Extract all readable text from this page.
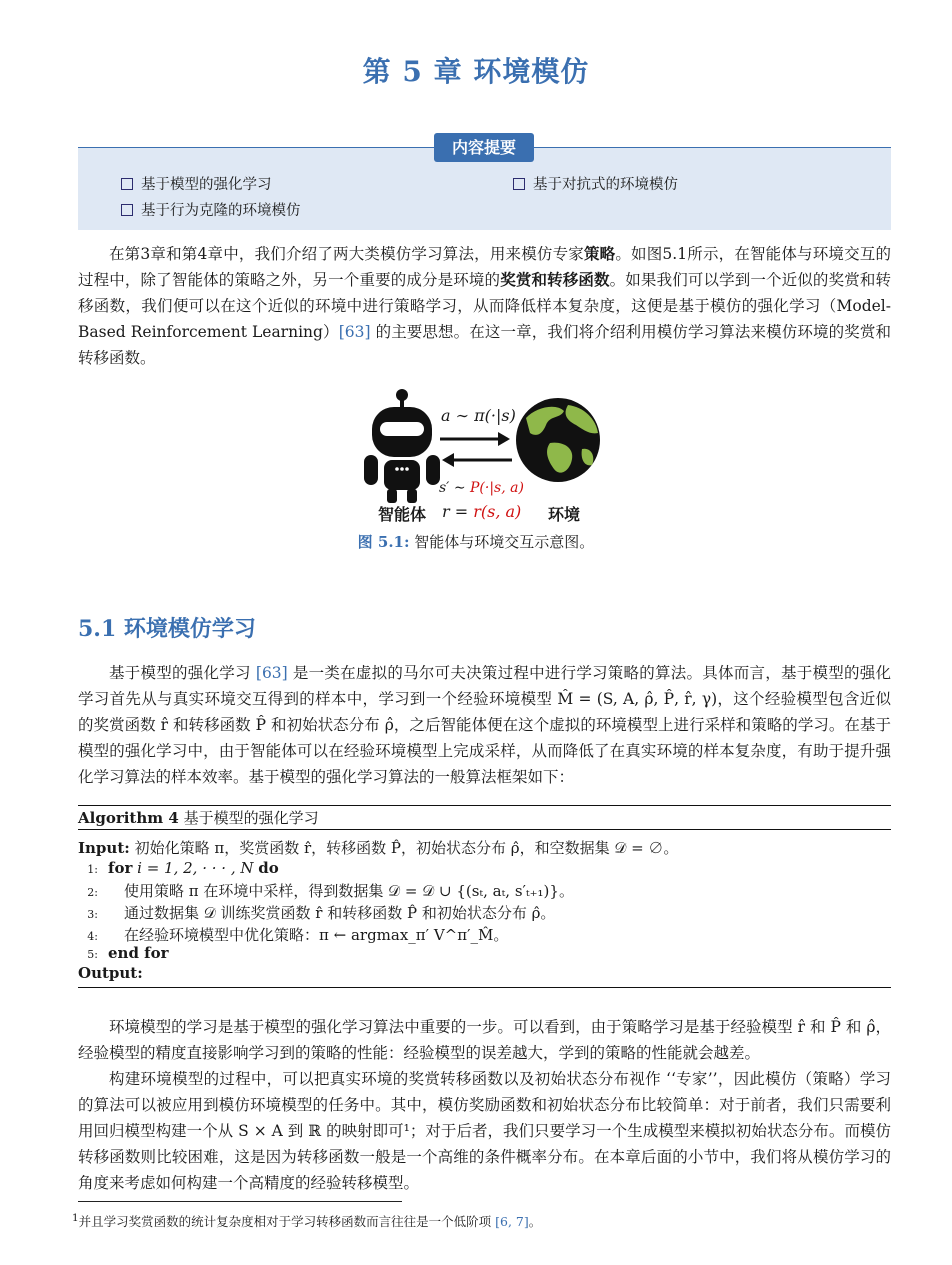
第 5 章 环境模仿
内容提要
基于模型的强化学习	基于对抗式的环境模仿
基于行为克隆的环境模仿

在第3章和第4章中，我们介绍了两大类模仿学习算法，用来模仿专家策略。如图5.1所示，在智能体与环境交互的过程中，除了智能体的策略之外，另一个重要的成分是环境的奖赏和转移函数。如果我们可以学到一个近似的奖赏和转移函数，我们便可以在这个近似的环境中进行策略学习，从而降低样本复杂度，这便是基于模仿的强化学习（Model-Based Reinforcement Learning）[63] 的主要思想。在这一章，我们将介绍利用模仿学习算法来模仿环境的奖赏和转移函数。

a ∼ π(·|s)
s′ ∼ P(·|s, a)
智能体 r = r(s, a) 环境
图 5.1: 智能体与环境交互示意图。
5.1 环境模仿学习

基于模型的强化学习 [63] 是一类在虚拟的马尔可夫决策过程中进行学习策略的算法。具体而言，基于模型的强化学习首先从与真实环境交互得到的样本中，学习到一个经验环境模型 M̂ = (S, A, ρ̂, P̂, r̂, γ)，这个经验模型包含近似的奖赏函数 r̂ 和转移函数 P̂ 和初始状态分布 ρ̂，之后智能体便在这个虚拟的环境模型上进行采样和策略的学习。在基于模型的强化学习中，由于智能体可以在经验环境模型上完成采样，从而降低了在真实环境的样本复杂度，有助于提升强化学习算法的样本效率。基于模型的强化学习算法的一般算法框架如下：

Algorithm 4 基于模型的强化学习
Input: 初始化策略 π，奖赏函数 r̂，转移函数 P̂，初始状态分布 ρ̂，和空数据集 𝒟 = ∅。
1: for i = 1, 2, · · · , N do
2: 使用策略 π 在环境中采样，得到数据集 𝒟 = 𝒟 ∪ {(sₜ, aₜ, s′ₜ₊₁)}。
3: 通过数据集 𝒟 训练奖赏函数 r̂ 和转移函数 P̂ 和初始状态分布 ρ̂。
4: 在经验环境模型中优化策略：π ← argmax_π′ V^π′_M̂。
5: end for
Output:

环境模型的学习是基于模型的强化学习算法中重要的一步。可以看到，由于策略学习是基于经验模型 r̂ 和 P̂ 和 ρ̂，经验模型的精度直接影响学习到的策略的性能：经验模型的误差越大，学到的策略的性能就会越差。

构建环境模型的过程中，可以把真实环境的奖赏转移函数以及初始状态分布视作 ‘‘专家’’，因此模仿（策略）学习的算法可以被应用到模仿环境模型的任务中。其中，模仿奖励函数和初始状态分布比较简单：对于前者，我们只需要利用回归模型构建一个从 S × A 到 ℝ 的映射即可¹；对于后者，我们只要学习一个生成模型来模拟初始状态分布。而模仿转移函数则比较困难，这是因为转移函数一般是一个高维的条件概率分布。在本章后面的小节中，我们将从模仿学习的角度来考虑如何构建一个高精度的经验转移模型。

$^1$并且学习奖赏函数的统计复杂度相对于学习转移函数而言往往是一个低阶项 [6, 7]。
